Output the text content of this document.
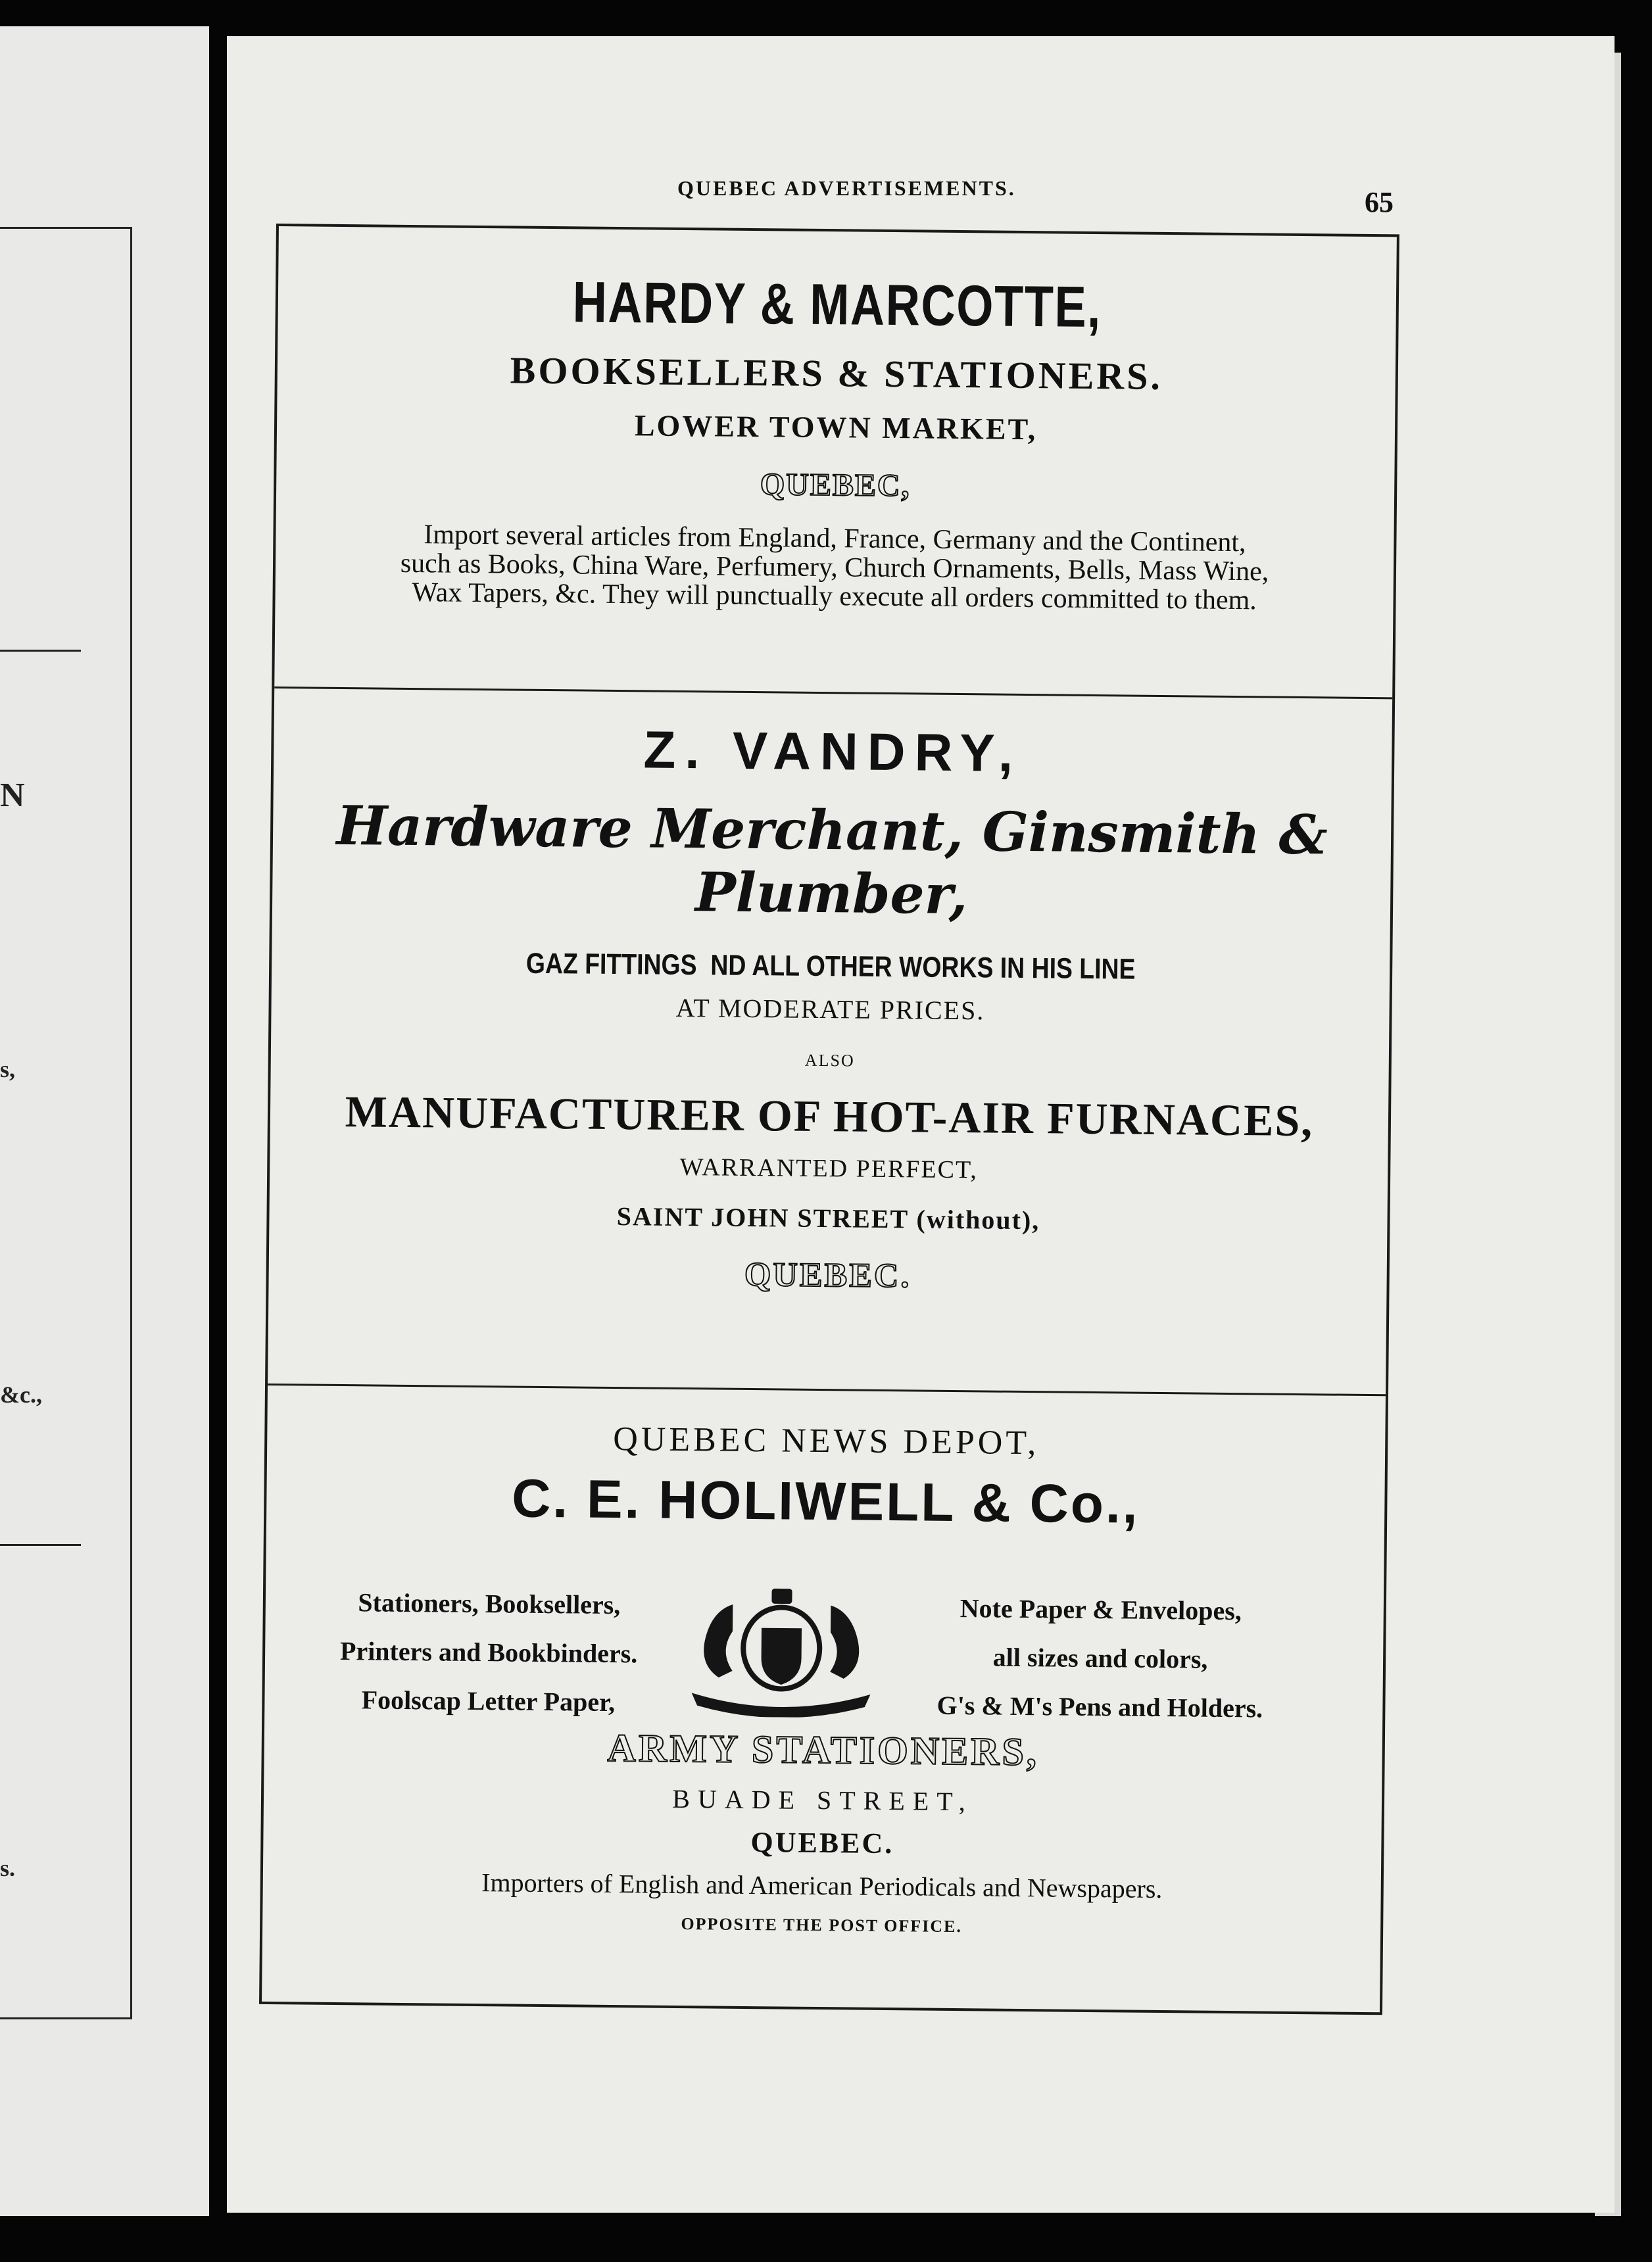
N
s,
&c.,
s.
QUEBEC ADVERTISEMENTS.	65

HARDY & MARCOTTE,

BOOKSELLERS & STATIONERS.

LOWER TOWN MARKET,

QUEBEC,

Import several articles from England, France, Germany and the Continent,

such as Books, China Ware, Perfumery, Church Ornaments, Bells, Mass Wine,

Wax Tapers, &c. They will punctually execute all orders committed to them.

Z. VANDRY,

Hardware Merchant, Ginsmith & Plumber,

GAZ FITTINGS  ND ALL OTHER WORKS IN HIS LINE

AT MODERATE PRICES.

ALSO

MANUFACTURER OF HOT-AIR FURNACES,

WARRANTED PERFECT,

SAINT JOHN STREET (without),

QUEBEC.

QUEBEC NEWS DEPOT,

C. E. HOLIWELL & Co.,

Stationers, Booksellers,

Printers and Bookbinders.

Foolscap Letter Paper,

Note Paper & Envelopes,

all sizes and colors,

G's & M's Pens and Holders.

ARMY STATIONERS,

BUADE STREET,

QUEBEC.

Importers of English and American Periodicals and Newspapers.

OPPOSITE THE POST OFFICE.
